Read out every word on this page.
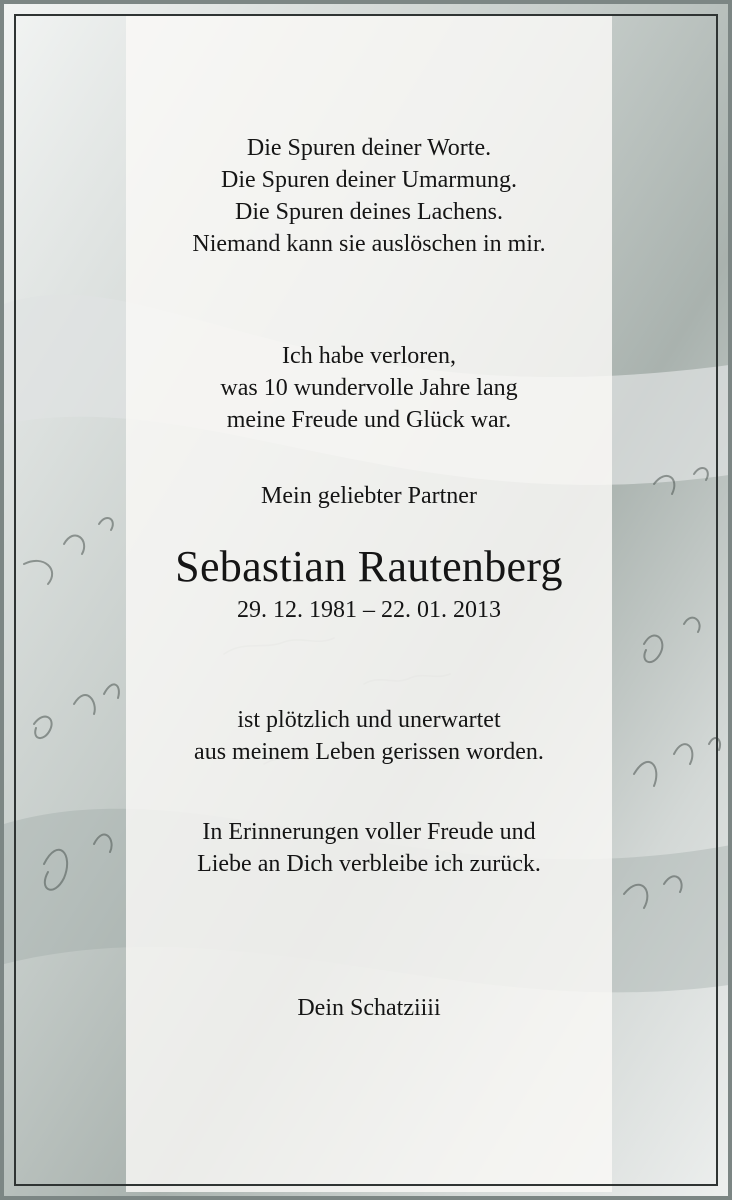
Die Spuren deiner Worte.
Die Spuren deiner Umarmung.
Die Spuren deines Lachens.
Niemand kann sie auslöschen in mir.
Ich habe verloren,
was 10 wundervolle Jahre lang
meine Freude und Glück war.
Mein geliebter Partner
Sebastian Rautenberg
29. 12. 1981 – 22. 01. 2013
ist plötzlich und unerwartet
aus meinem Leben gerissen worden.
In Erinnerungen voller Freude und
Liebe an Dich verbleibe ich zurück.
Dein Schatziiii
